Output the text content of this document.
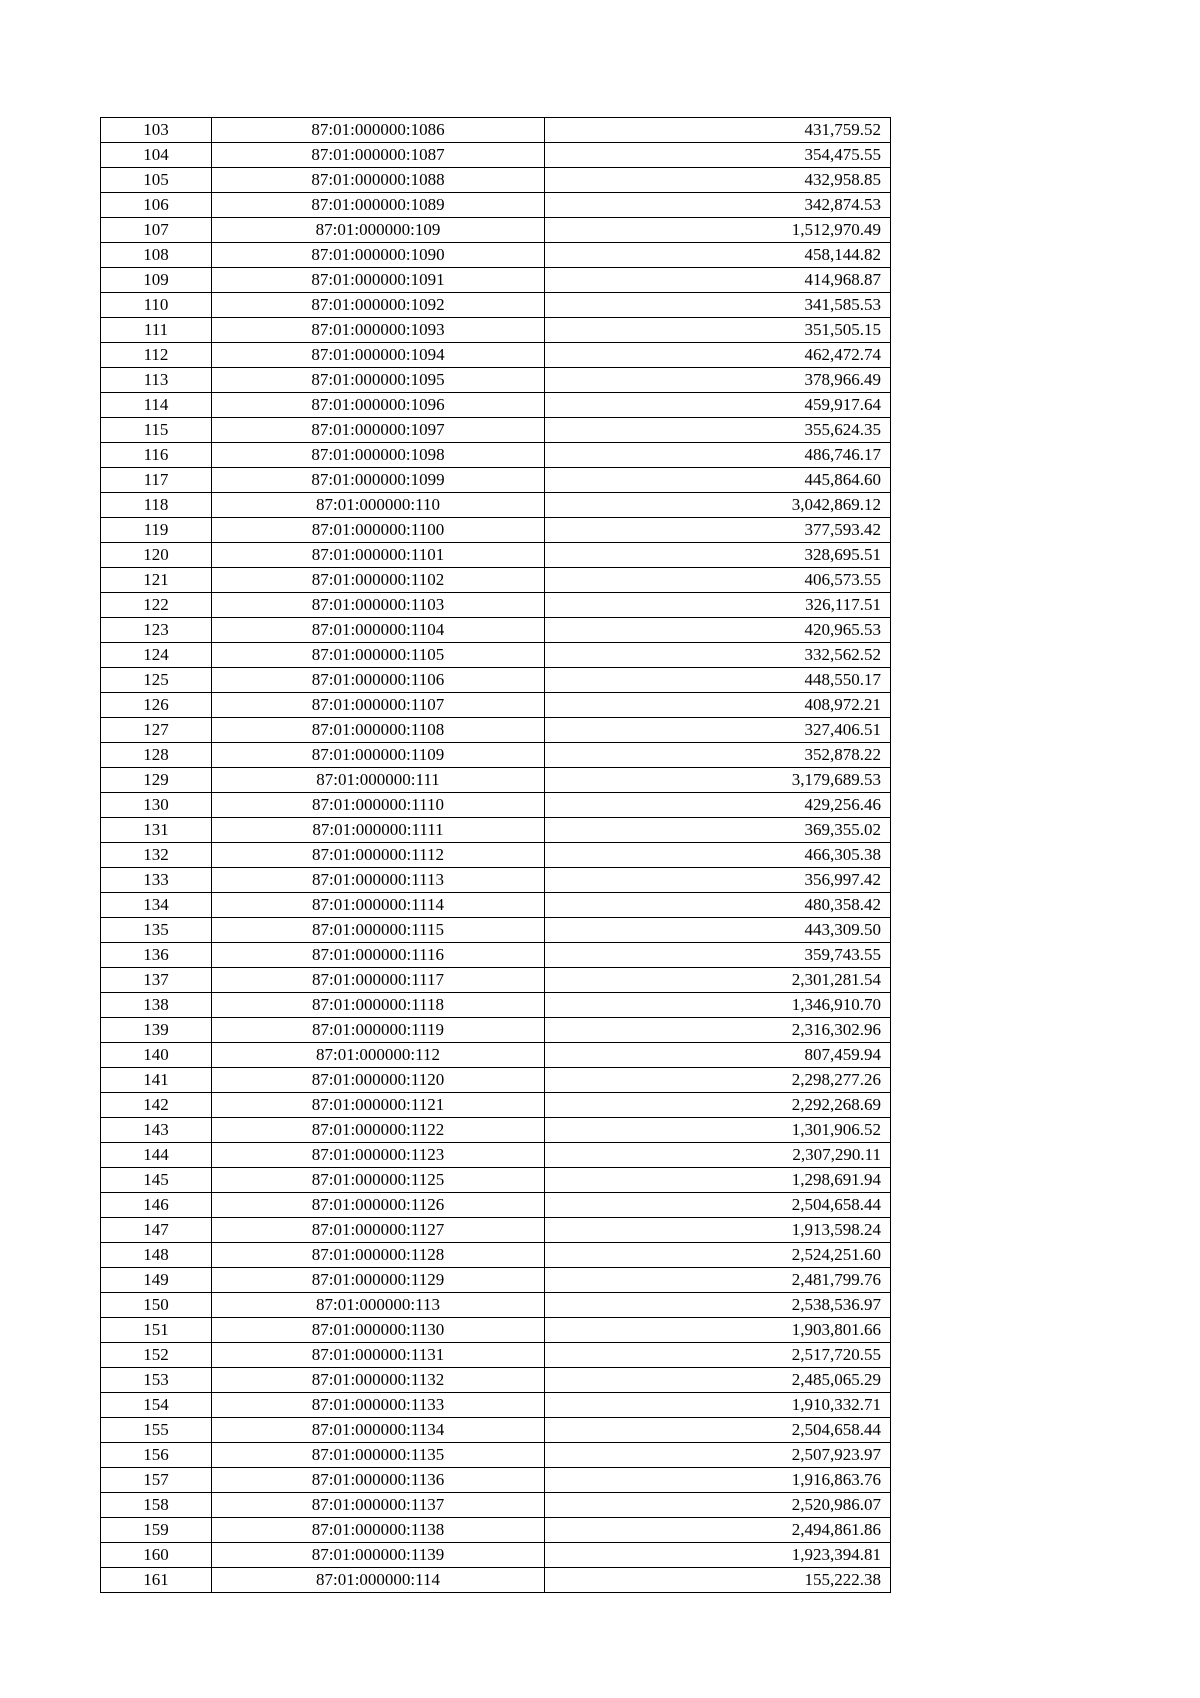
103	87:01:000000:1086	431,759.52
104	87:01:000000:1087	354,475.55
105	87:01:000000:1088	432,958.85
106	87:01:000000:1089	342,874.53
107	87:01:000000:109	1,512,970.49
108	87:01:000000:1090	458,144.82
109	87:01:000000:1091	414,968.87
110	87:01:000000:1092	341,585.53
111	87:01:000000:1093	351,505.15
112	87:01:000000:1094	462,472.74
113	87:01:000000:1095	378,966.49
114	87:01:000000:1096	459,917.64
115	87:01:000000:1097	355,624.35
116	87:01:000000:1098	486,746.17
117	87:01:000000:1099	445,864.60
118	87:01:000000:110	3,042,869.12
119	87:01:000000:1100	377,593.42
120	87:01:000000:1101	328,695.51
121	87:01:000000:1102	406,573.55
122	87:01:000000:1103	326,117.51
123	87:01:000000:1104	420,965.53
124	87:01:000000:1105	332,562.52
125	87:01:000000:1106	448,550.17
126	87:01:000000:1107	408,972.21
127	87:01:000000:1108	327,406.51
128	87:01:000000:1109	352,878.22
129	87:01:000000:111	3,179,689.53
130	87:01:000000:1110	429,256.46
131	87:01:000000:1111	369,355.02
132	87:01:000000:1112	466,305.38
133	87:01:000000:1113	356,997.42
134	87:01:000000:1114	480,358.42
135	87:01:000000:1115	443,309.50
136	87:01:000000:1116	359,743.55
137	87:01:000000:1117	2,301,281.54
138	87:01:000000:1118	1,346,910.70
139	87:01:000000:1119	2,316,302.96
140	87:01:000000:112	807,459.94
141	87:01:000000:1120	2,298,277.26
142	87:01:000000:1121	2,292,268.69
143	87:01:000000:1122	1,301,906.52
144	87:01:000000:1123	2,307,290.11
145	87:01:000000:1125	1,298,691.94
146	87:01:000000:1126	2,504,658.44
147	87:01:000000:1127	1,913,598.24
148	87:01:000000:1128	2,524,251.60
149	87:01:000000:1129	2,481,799.76
150	87:01:000000:113	2,538,536.97
151	87:01:000000:1130	1,903,801.66
152	87:01:000000:1131	2,517,720.55
153	87:01:000000:1132	2,485,065.29
154	87:01:000000:1133	1,910,332.71
155	87:01:000000:1134	2,504,658.44
156	87:01:000000:1135	2,507,923.97
157	87:01:000000:1136	1,916,863.76
158	87:01:000000:1137	2,520,986.07
159	87:01:000000:1138	2,494,861.86
160	87:01:000000:1139	1,923,394.81
161	87:01:000000:114	155,222.38
